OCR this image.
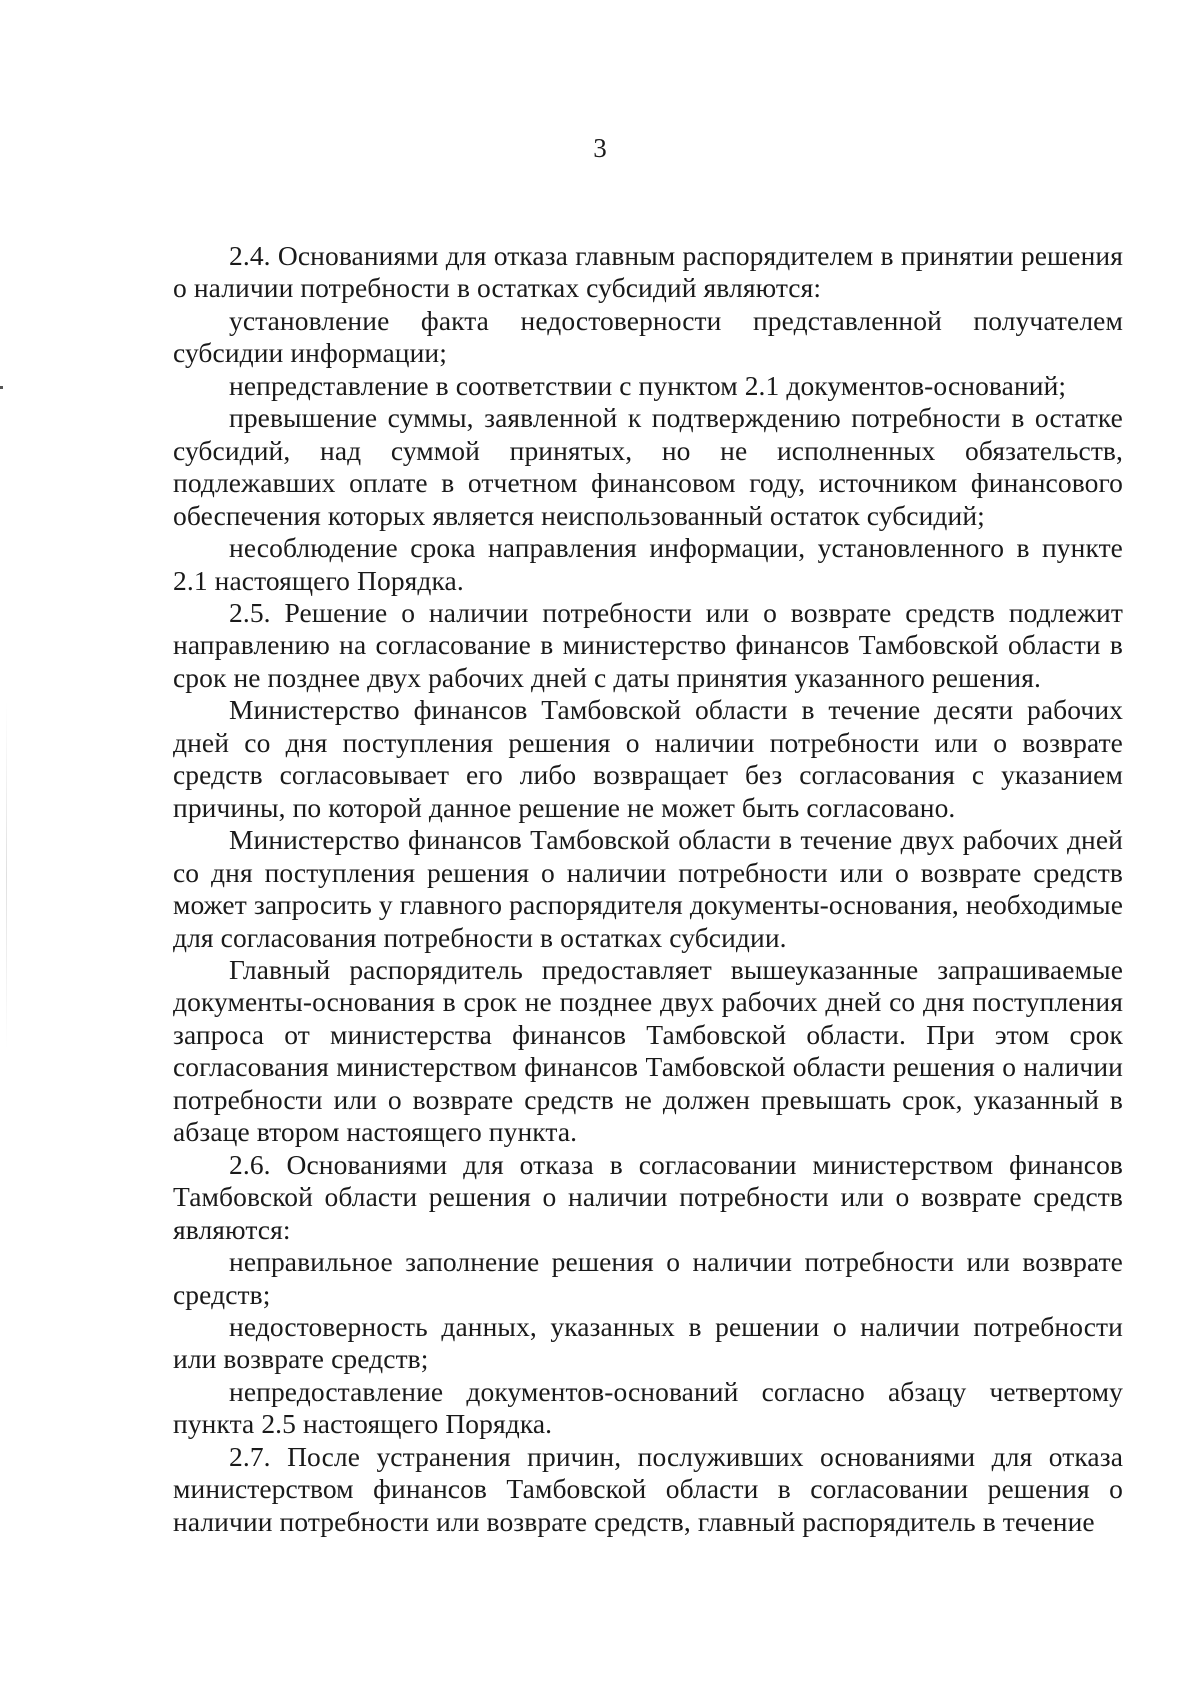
3

2.4. Основаниями для отказа главным распорядителем в принятии решения о наличии потребности в остатках субсидий являются:

установление факта недостоверности представленной получателем субсидии информации;

непредставление в соответствии с пунктом 2.1 документов-оснований;

превышение суммы, заявленной к подтверждению потребности в остатке субсидий, над суммой принятых, но не исполненных обязательств, подлежавших оплате в отчетном финансовом году, источником финансового обеспечения которых является неиспользованный остаток субсидий;

несоблюдение срока направления информации, установленного в пункте 2.1 настоящего Порядка.

2.5. Решение о наличии потребности или о возврате средств подлежит направлению на согласование в министерство финансов Тамбовской области в срок не позднее двух рабочих дней с даты принятия указанного решения.

Министерство финансов Тамбовской области в течение десяти рабочих дней со дня поступления решения о наличии потребности или о возврате средств согласовывает его либо возвращает без согласования с указанием причины, по которой данное решение не может быть согласовано.

Министерство финансов Тамбовской области в течение двух рабочих дней со дня поступления решения о наличии потребности или о возврате средств может запросить у главного распорядителя документы-основания, необходимые для согласования потребности в остатках субсидии.

Главный распорядитель предоставляет вышеуказанные запрашиваемые документы-основания в срок не позднее двух рабочих дней со дня поступления запроса от министерства финансов Тамбовской области. При этом срок согласования министерством финансов Тамбовской области решения о наличии потребности или о возврате средств не должен превышать срок, указанный в абзаце втором настоящего пункта.

2.6. Основаниями для отказа в согласовании министерством финансов Тамбовской области решения о наличии потребности или о возврате средств являются:

неправильное заполнение решения о наличии потребности или возврате средств;

недостоверность данных, указанных в решении о наличии потребности или возврате средств;

непредоставление документов-оснований согласно абзацу четвертому пункта 2.5 настоящего Порядка.

2.7. После устранения причин, послуживших основаниями для отказа министерством финансов Тамбовской области в согласовании решения о наличии потребности или возврате средств, главный распорядитель в течение
